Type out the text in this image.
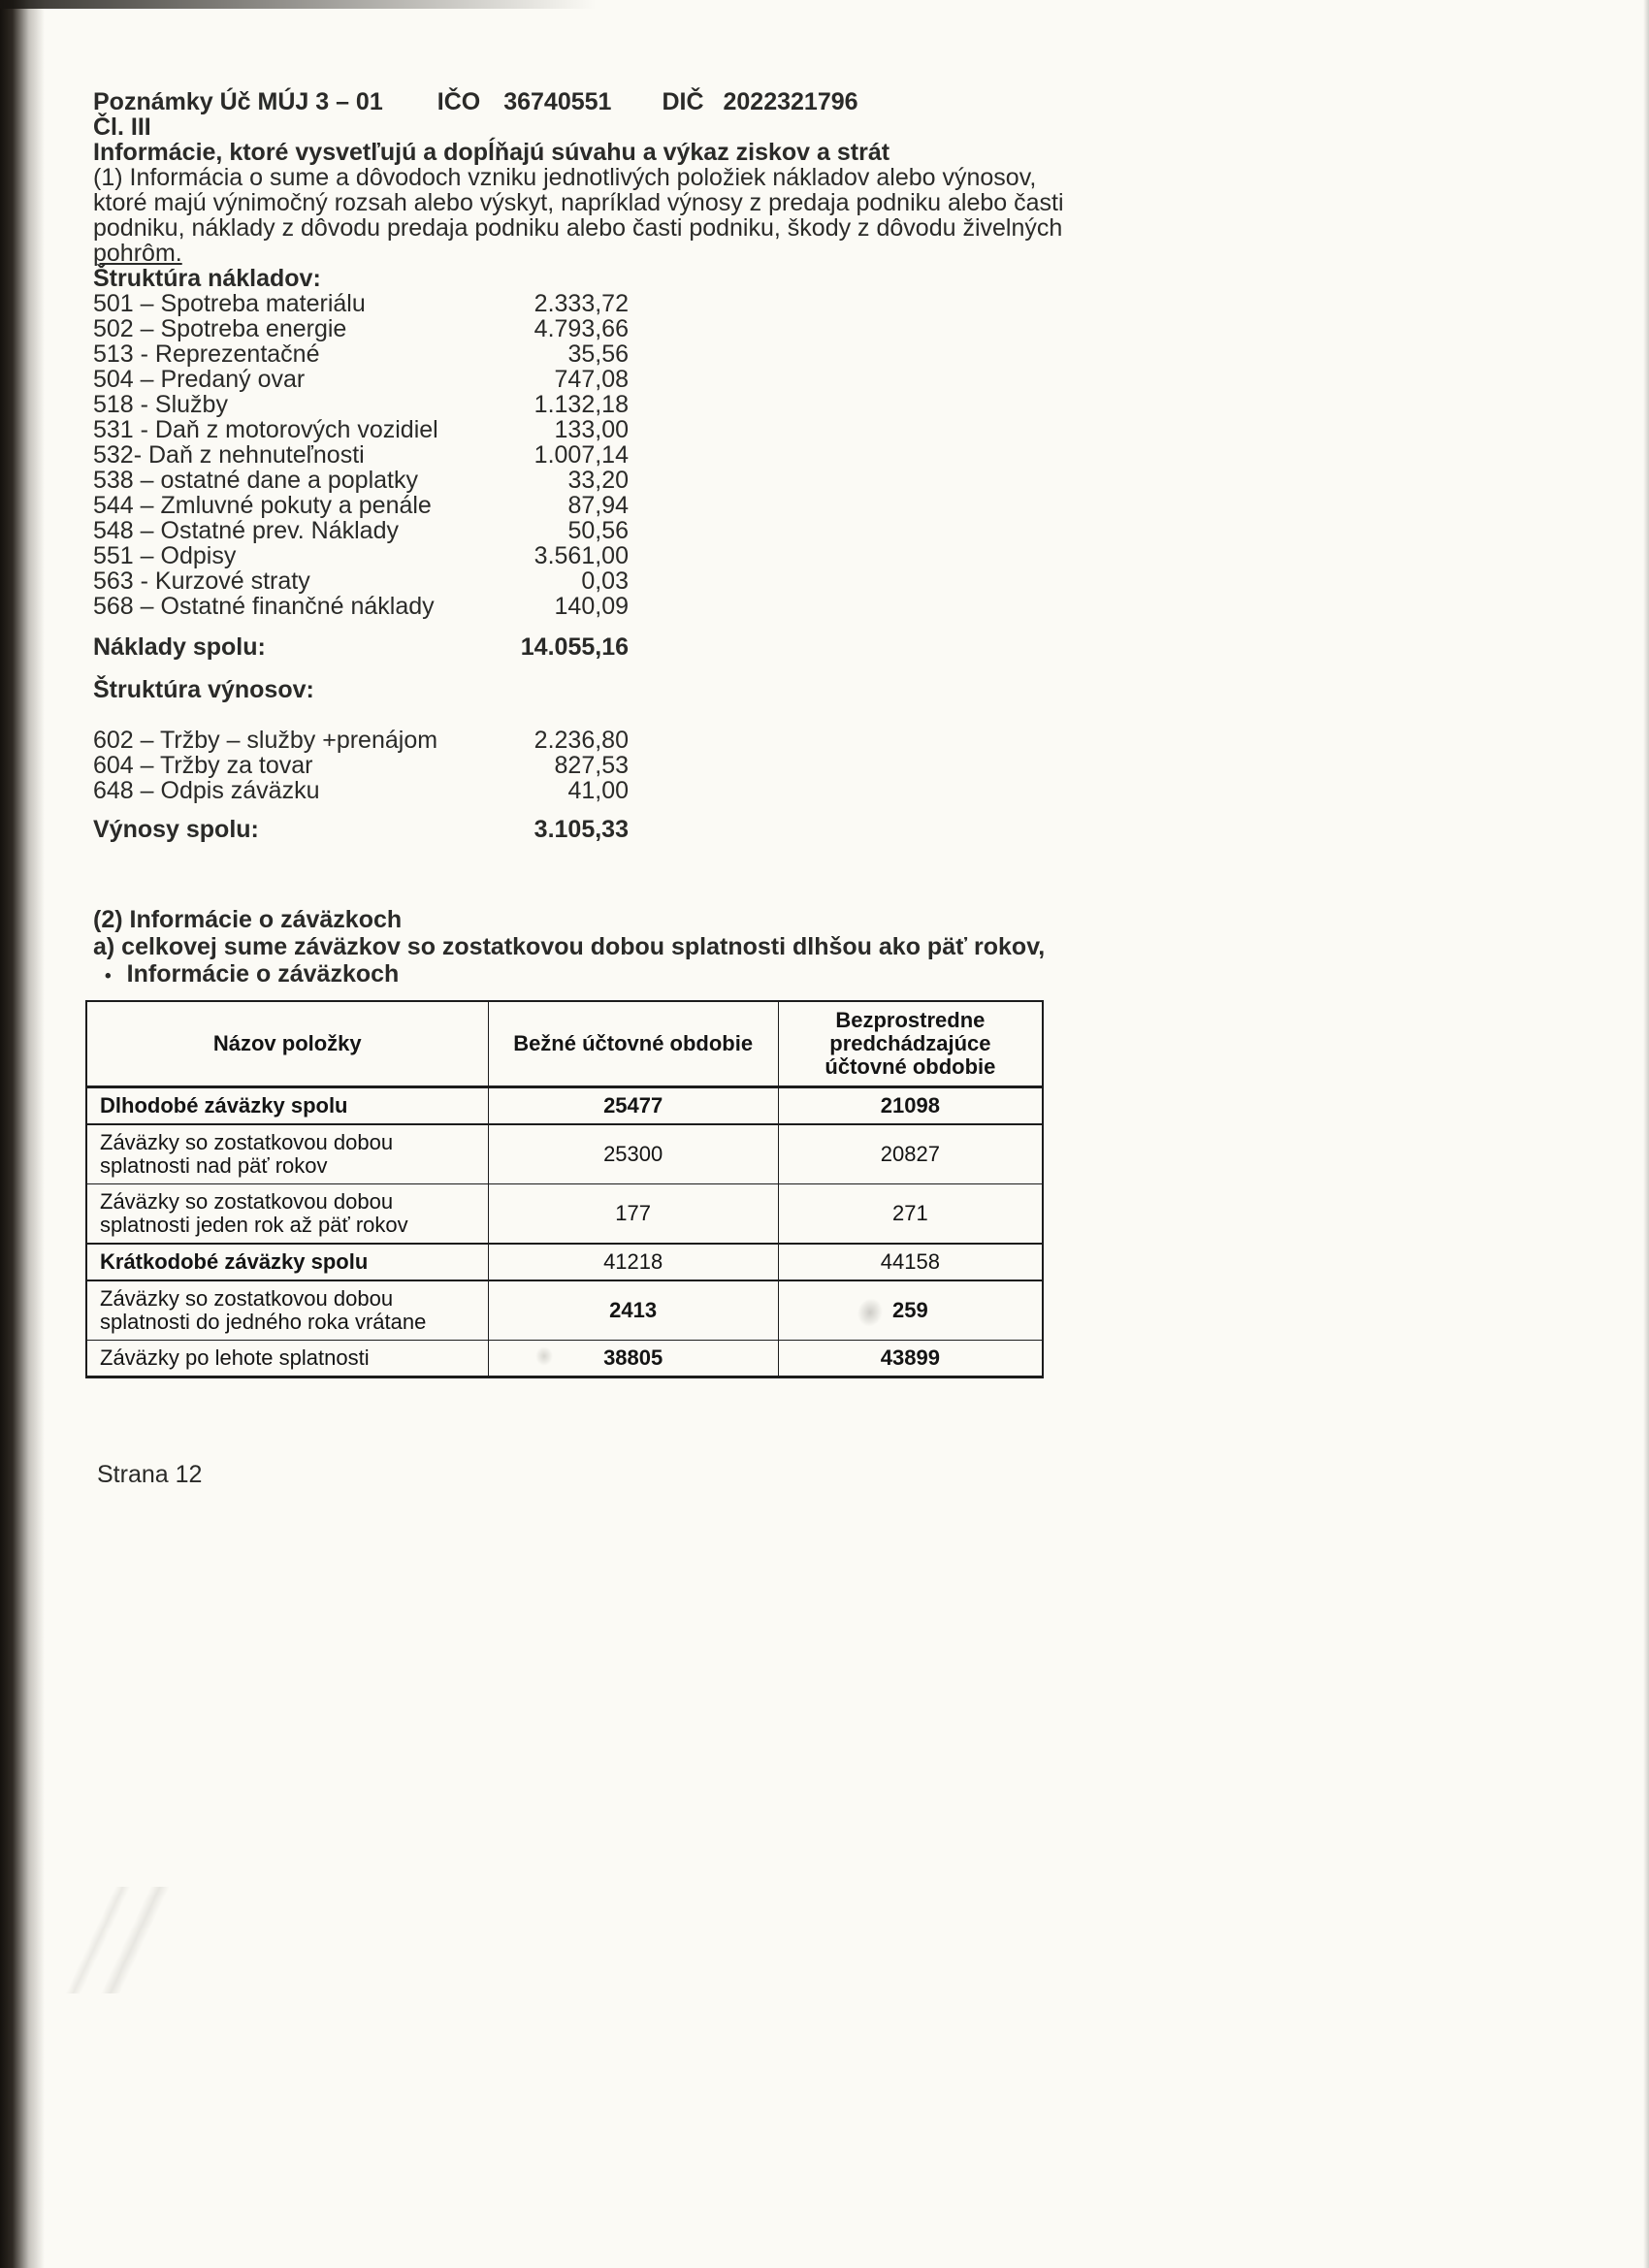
Poznámky Úč MÚJ 3 – 01 IČO 36740551 DIČ 2022321796
Čl. III
Informácie, ktoré vysvetľujú a dopĺňajú súvahu a výkaz ziskov a strát

(1) Informácia o sume a dôvodoch vzniku jednotlivých položiek nákladov alebo výnosov, ktoré majú výnimočný rozsah alebo výskyt, napríklad výnosy z predaja podniku alebo časti podniku, náklady z dôvodu predaja podniku alebo časti podniku, škody z dôvodu živelných pohrôm.

Štruktúra nákladov:
501 – Spotreba materiálu	2.333,72
502 – Spotreba energie	4.793,66
513 - Reprezentačné	35,56
504 – Predaný ovar	747,08
518 - Služby	1.132,18
531 - Daň z motorových vozidiel	133,00
532- Daň z nehnuteľnosti	1.007,14
538 – ostatné dane a poplatky	33,20
544 – Zmluvné pokuty a penále	87,94
548 – Ostatné prev. Náklady	50,56
551 – Odpisy	3.561,00
563 - Kurzové straty	0,03
568 – Ostatné finančné náklady	140,09
Náklady spolu:	14.055,16
Štruktúra výnosov:
602 – Tržby – služby +prenájom	2.236,80
604 – Tržby za tovar	827,53
648 – Odpis záväzku	41,00
Výnosy spolu:	3.105,33
(2) Informácie o záväzkoch
a) celkovej sume záväzkov so zostatkovou dobou splatnosti dlhšou ako päť rokov,
• Informácie o záväzkoch
Názov položky	Bežné účtovné obdobie	Bezprostredne predchádzajúce účtovné obdobie
Dlhodobé záväzky spolu	25477	21098
Záväzky so zostatkovou dobou splatnosti nad päť rokov	25300	20827
Záväzky so zostatkovou dobou splatnosti jeden rok až päť rokov	177	271
Krátkodobé záväzky spolu	41218	44158
Záväzky so zostatkovou dobou splatnosti do jedného roka vrátane	2413	259
Záväzky po lehote splatnosti	38805	43899
Strana 12
